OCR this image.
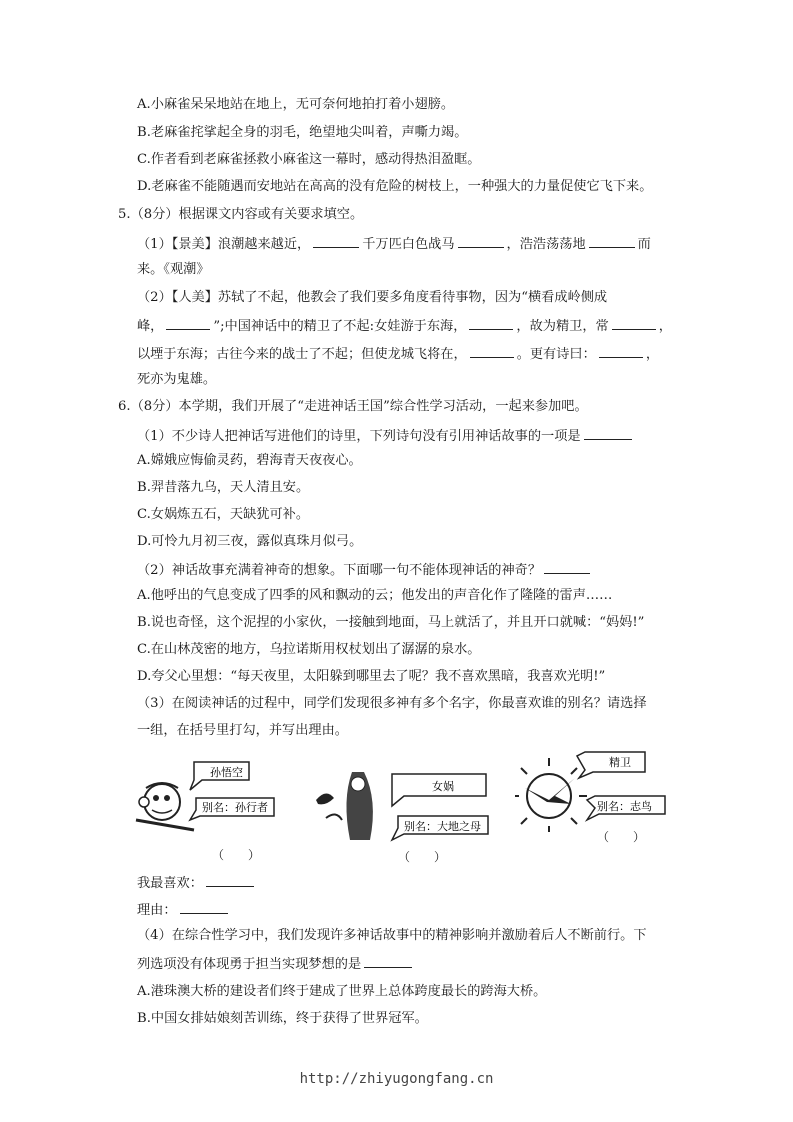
A.小麻雀呆呆地站在地上，无可奈何地拍打着小翅膀。
B.老麻雀挓挲起全身的羽毛，绝望地尖叫着，声嘶力竭。
C.作者看到老麻雀拯救小麻雀这一幕时，感动得热泪盈眶。
D.老麻雀不能随遇而安地站在高高的没有危险的树枝上，一种强大的力量促使它飞下来。
5.（8分）根据课文内容或有关要求填空。
（1）【景美】浪潮越来越近，	千万匹白色战马	，浩浩荡荡地	而
来。《观潮》
（2）【人美】苏轼了不起，他教会了我们要多角度看待事物，因为“横看成岭侧成
峰，	”;中国神话中的精卫了不起:女娃游于东海，	，故为精卫，常	，
以堙于东海；古往今来的战士了不起；但使龙城飞将在，	。更有诗曰：	，
死亦为鬼雄。
6.（8分）本学期，我们开展了“走进神话王国”综合性学习活动，一起来参加吧。
（1）不少诗人把神话写进他们的诗里，下列诗句没有引用神话故事的一项是
A.嫦娥应悔偷灵药，碧海青天夜夜心。
B.羿昔落九乌，天人清且安。
C.女娲炼五石，天缺犹可补。
D.可怜九月初三夜，露似真珠月似弓。
（2）神话故事充满着神奇的想象。下面哪一句不能体现神话的神奇？
A.他呼出的气息变成了四季的风和飘动的云；他发出的声音化作了隆隆的雷声……
B.说也奇怪，这个泥捏的小家伙，一接触到地面，马上就活了，并且开口就喊：“妈妈!”
C.在山林茂密的地方，乌拉诺斯用权杖划出了潺潺的泉水。
D.夸父心里想：“每天夜里，太阳躲到哪里去了呢？我不喜欢黑暗，我喜欢光明!”
（3）在阅读神话的过程中，同学们发现很多神有多个名字，你最喜欢谁的别名？请选择
一组，在括号里打勾，并写出理由。
孙悟空
别名：孙行者
（　　）
女娲
别名：大地之母
（　　）
精卫
别名：志鸟
（　　）
我最喜欢：
理由：
（4）在综合性学习中，我们发现许多神话故事中的精神影响并激励着后人不断前行。下
列选项没有体现勇于担当实现梦想的是
A.港珠澳大桥的建设者们终于建成了世界上总体跨度最长的跨海大桥。
B.中国女排姑娘刻苦训练，终于获得了世界冠军。
http://zhiyugongfang.cn
